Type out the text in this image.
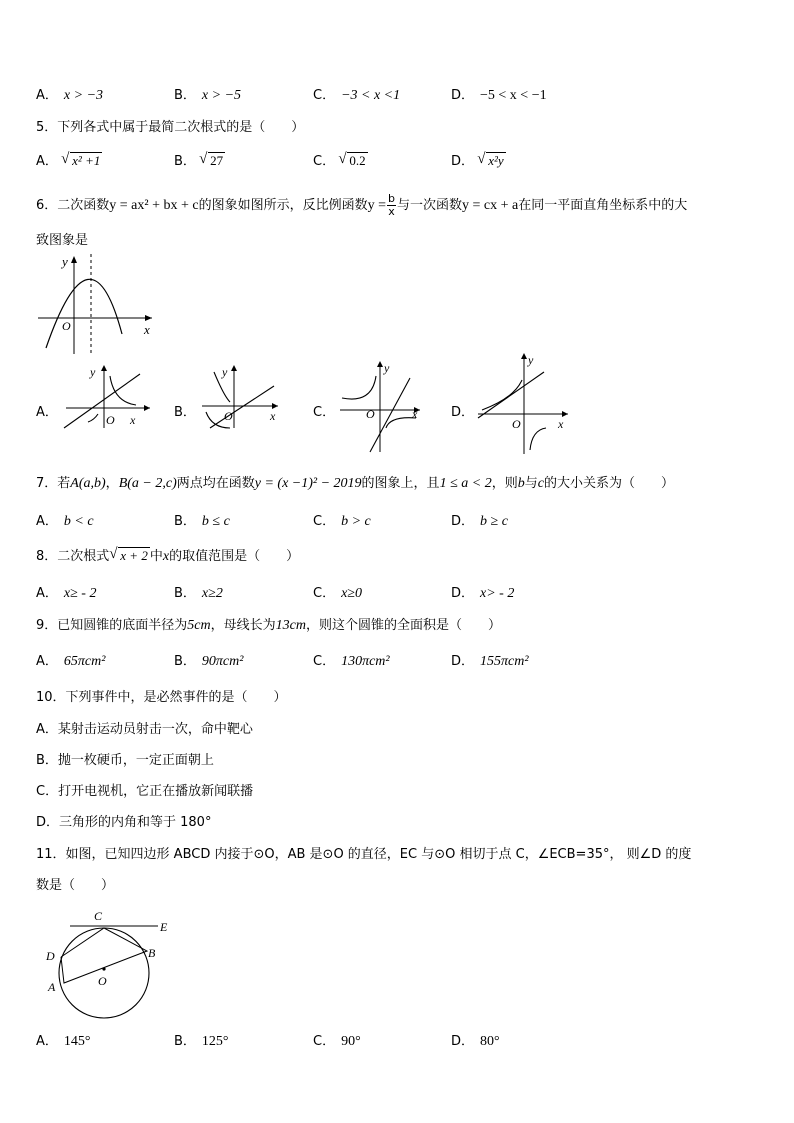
A． x > −3	B． x > −5	C． −3 < x <1	D． −5 < x < −1
5．下列各式中属于最简二次根式的是（　　）
A． √ x² +1	B． √ 27	C． √ 0.2	D． √ x²y
6．二次函数y = ax² + bx + c的图象如图所示，反比例函数$y = \frac{b}{x}$ 与一次函数y = cx + a在同一平面直角坐标系中的大
致图象是
y
x
O
A．
y
x
O	B．
y
x
O	C．
y
x
O	D．
y
x
O
7．若A(a,b)，B(a − 2,c)两点均在函数y = (x −1)² − 2019的图象上，且1 ≤ a < 2，则b与c的大小关系为（　　）
A． b < c	B． b ≤ c	C． b > c	D． b ≥ c
8．二次根式 √ x + 2 中x的取值范围是（　　）
A． x≥ - 2	B． x≥2	C． x≥0	D． x> - 2
9．已知圆锥的底面半径为5cm，母线长为13cm，则这个圆锥的全面积是（　　）
A． 65πcm²	B． 90πcm²	C． 130πcm²	D． 155πcm²
10．下列事件中，是必然事件的是（　　）
A．某射击运动员射击一次，命中靶心
B．抛一枚硬币，一定正面朝上
C．打开电视机，它正在播放新闻联播
D．三角形的内角和等于 180°
11．如图，已知四边形 ABCD 内接于⊙O，AB 是⊙O 的直径，EC 与⊙O 相切于点 C，∠ECB=35°， 则∠D 的度
数是（　　）
C
E
D	B
A	O
A． 145°	B． 125°	C． 90°	D． 80°
